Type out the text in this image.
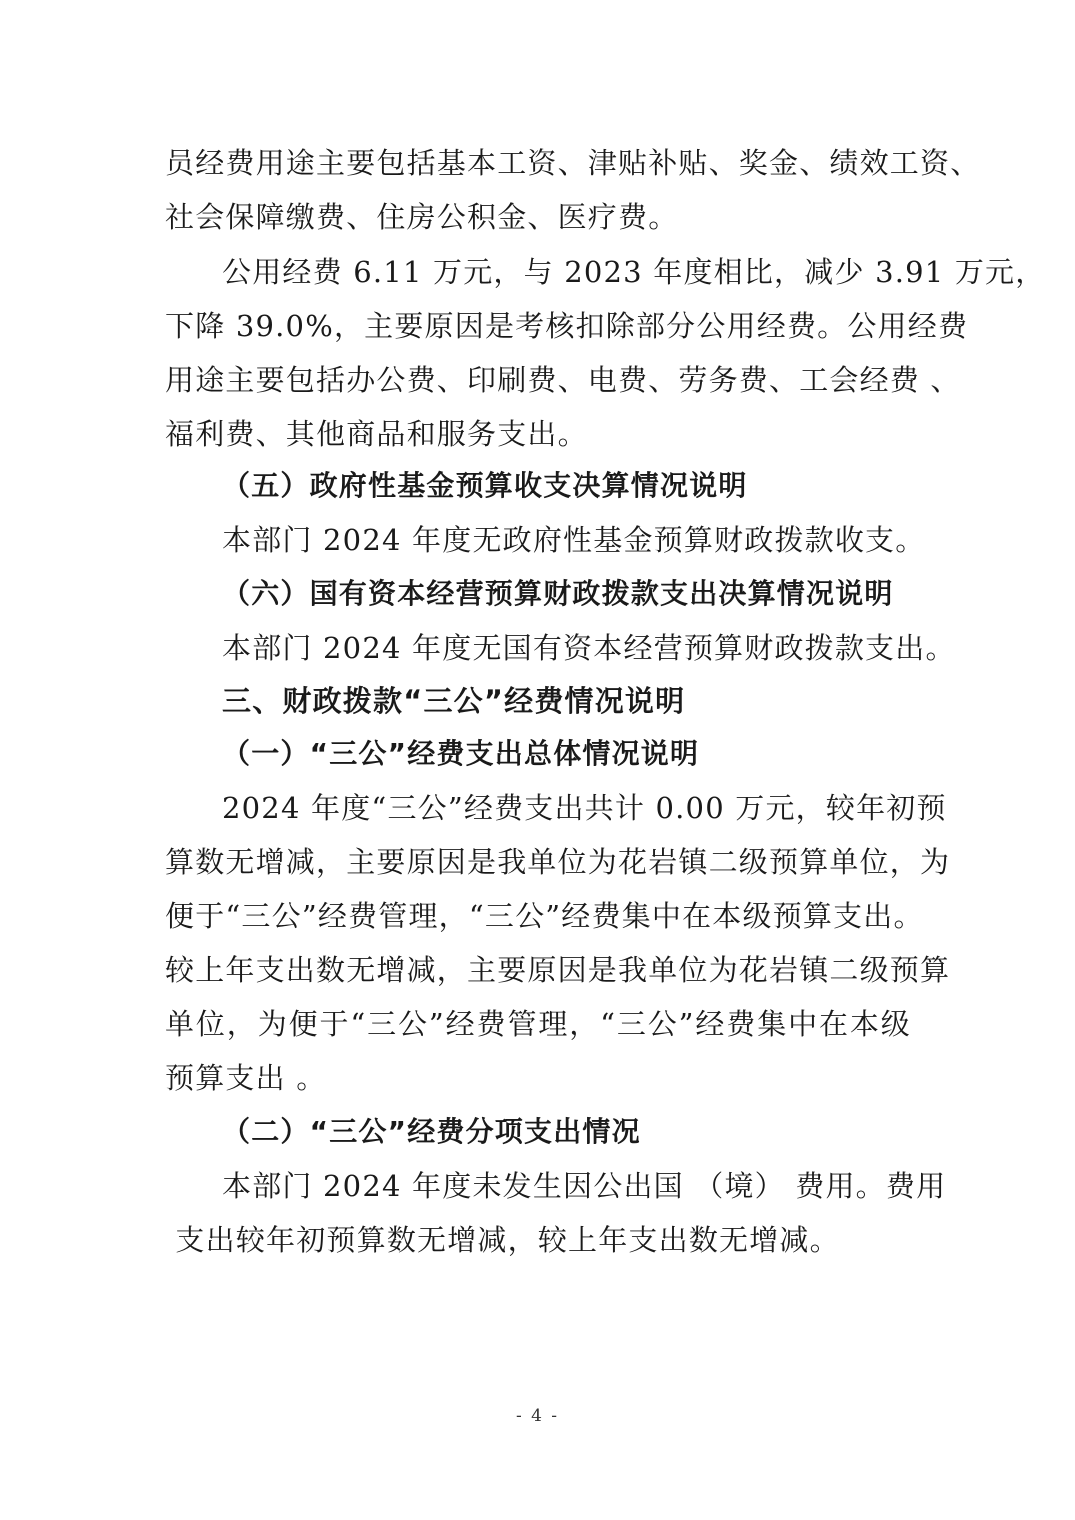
员经费用途主要包括基本工资、津贴补贴、奖金、绩效工资、
社会保障缴费、住房公积金、医疗费。
公用经费 6.11 万元，与 2023 年度相比，减少 3.91 万元，
下降 39.0%，主要原因是考核扣除部分公用经费。公用经费
用途主要包括办公费、印刷费、电费、劳务费、工会经费 、
福利费、其他商品和服务支出。
（五）政府性基金预算收支决算情况说明
本部门 2024 年度无政府性基金预算财政拨款收支。
（六）国有资本经营预算财政拨款支出决算情况说明
本部门 2024 年度无国有资本经营预算财政拨款支出。
三、财政拨款“三公”经费情况说明
（一）“三公”经费支出总体情况说明
2024 年度“三公”经费支出共计 0.00 万元，较年初预
算数无增减，主要原因是我单位为花岩镇二级预算单位，为
便于“三公”经费管理，“三公”经费集中在本级预算支出。
较上年支出数无增减，主要原因是我单位为花岩镇二级预算
单位，为便于“三公”经费管理，“三公”经费集中在本级
预算支出 。
（二）“三公”经费分项支出情况
本部门 2024 年度未发生因公出国 （境） 费用。费用
支出较年初预算数无增减，较上年支出数无增减。
- 4 -
